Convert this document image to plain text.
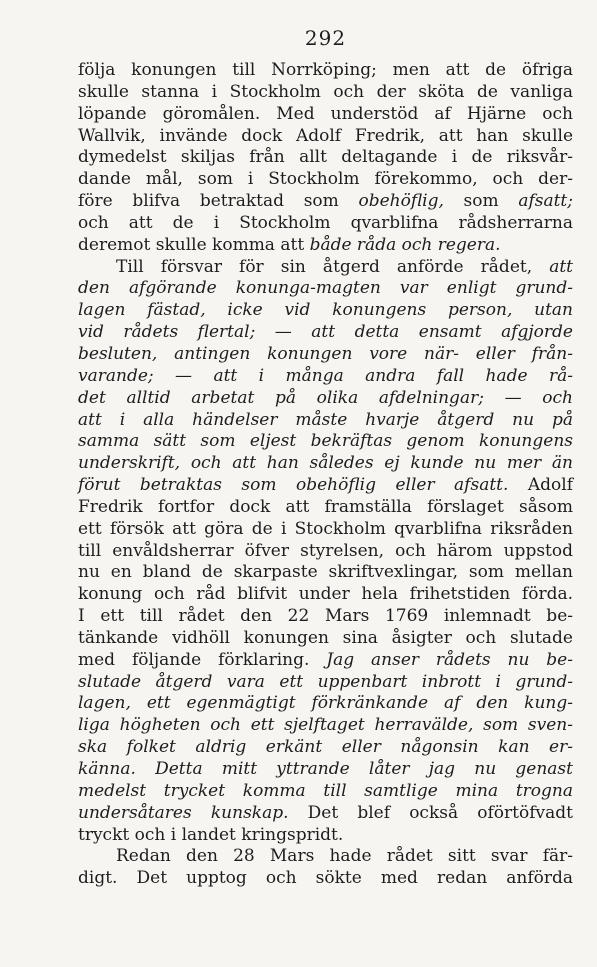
292
följa konungen till Norrköping; men att de öfriga
skulle stanna i Stockholm och der sköta de vanliga
löpande göromålen. Med understöd af Hjärne och
Wallvik, invände dock Adolf Fredrik, att han skulle
dymedelst skiljas från allt deltagande i de riksvår-
dande mål, som i Stockholm förekommo, och der-
före blifva betraktad som obehöflig, som afsatt;
och att de i Stockholm qvarblifna rådsherrarna
deremot skulle komma att både råda och regera.
Till försvar för sin åtgerd anförde rådet, att
den afgörande konunga-magten var enligt grund-
lagen fästad, icke vid konungens person, utan
vid rådets flertal; — att detta ensamt afgjorde
besluten, antingen konungen vore när- eller från-
varande; — att i många andra fall hade rå-
det alltid arbetat på olika afdelningar; — och
att i alla händelser måste hvarje åtgerd nu på
samma sätt som eljest bekräftas genom konungens
underskrift, och att han således ej kunde nu mer än
förut betraktas som obehöflig eller afsatt. Adolf
Fredrik fortfor dock att framställa förslaget såsom
ett försök att göra de i Stockholm qvarblifna riksråden
till envåldsherrar öfver styrelsen, och härom uppstod
nu en bland de skarpaste skriftvexlingar, som mellan
konung och råd blifvit under hela frihetstiden förda.
I ett till rådet den 22 Mars 1769 inlemnadt be-
tänkande vidhöll konungen sina åsigter och slutade
med följande förklaring. Jag anser rådets nu be-
slutade åtgerd vara ett uppenbart inbrott i grund-
lagen, ett egenmägtigt förkränkande af den kung-
liga högheten och ett sjelftaget herravälde, som sven-
ska folket aldrig erkänt eller någonsin kan er-
känna. Detta mitt yttrande låter jag nu genast
medelst trycket komma till samtlige mina trogna
undersåtares kunskap. Det blef också oförtöfvadt
tryckt och i landet kringspridt.
Redan den 28 Mars hade rådet sitt svar fär-
digt. Det upptog och sökte med redan anförda
